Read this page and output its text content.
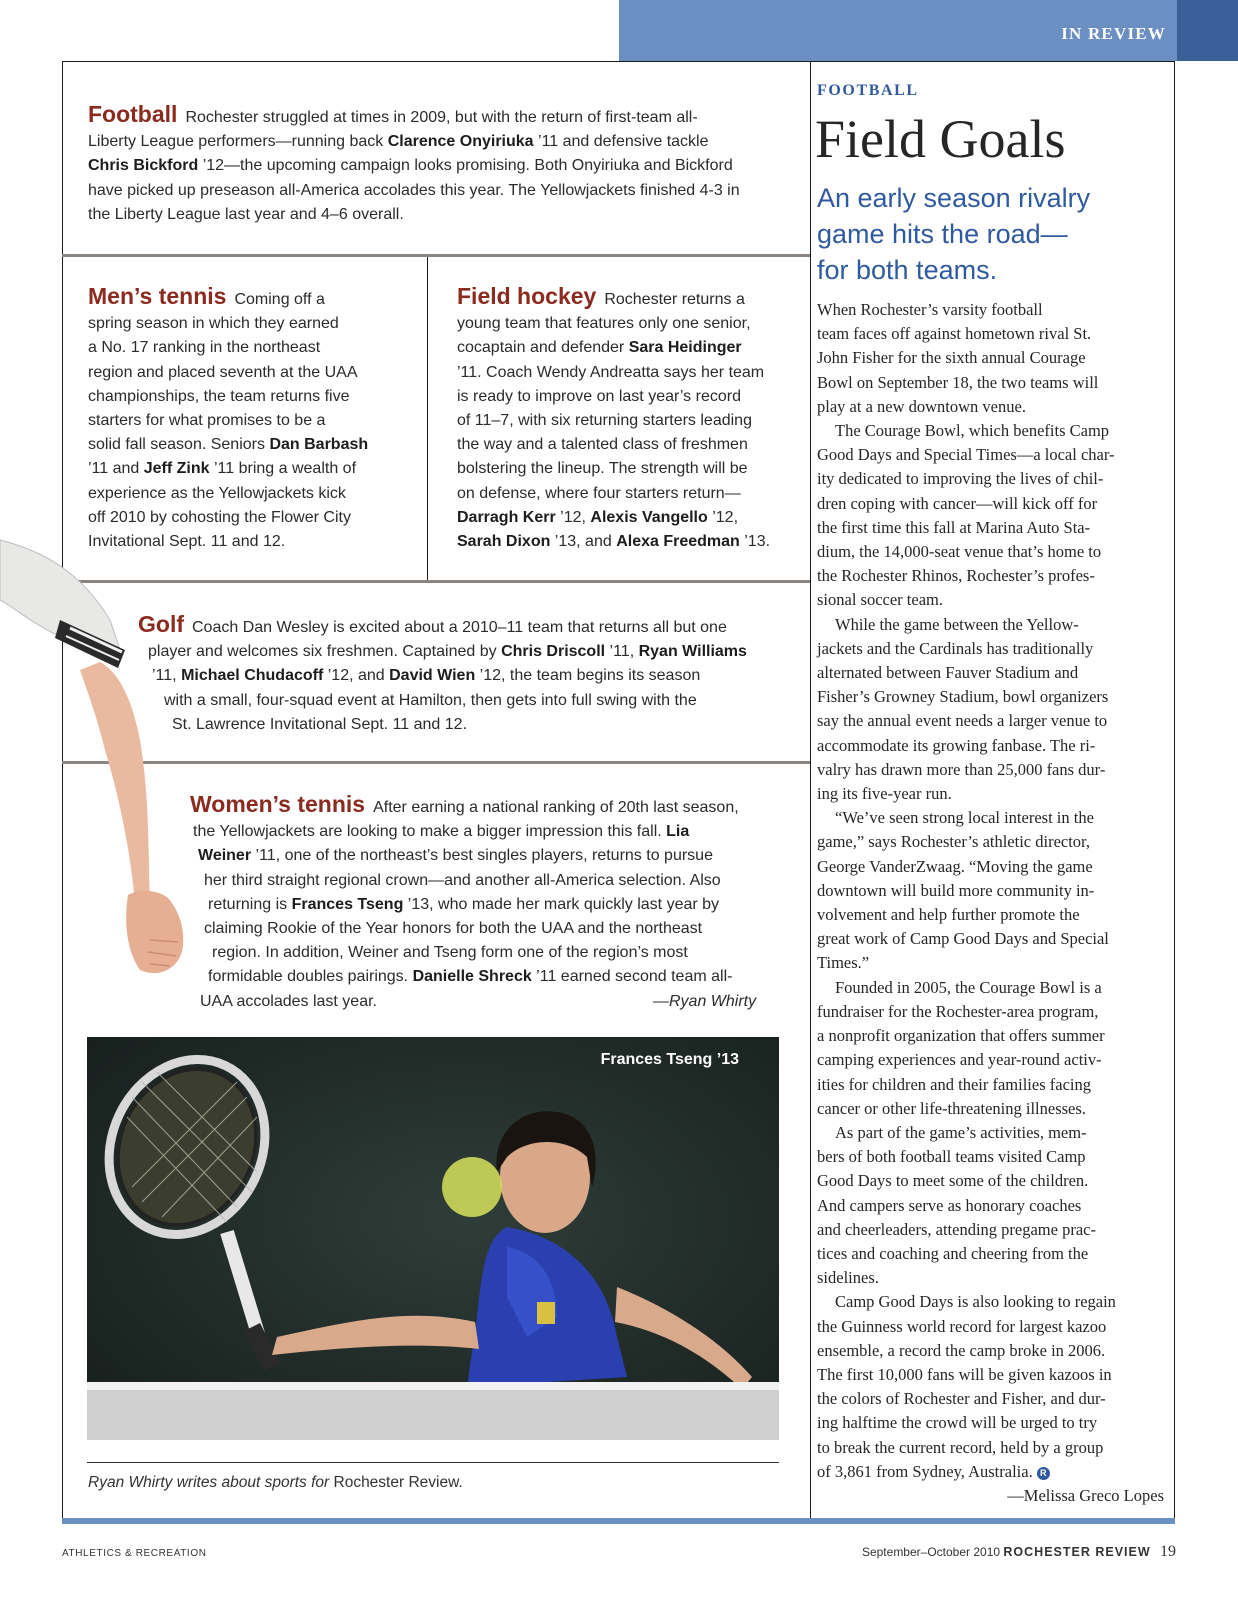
IN REVIEW
Football Rochester struggled at times in 2009, but with the return of first-team all-
Liberty League performers—running back Clarence Onyiriuka ’11 and defensive tackle
Chris Bickford ’12—the upcoming campaign looks promising. Both Onyiriuka and Bickford
have picked up preseason all-America accolades this year. The Yellowjackets finished 4-3 in
the Liberty League last year and 4–6 overall.
Men’s tennis Coming off a
spring season in which they earned
a No. 17 ranking in the northeast
region and placed seventh at the UAA
championships, the team returns five
starters for what promises to be a
solid fall season. Seniors Dan Barbash
’11 and Jeff Zink ’11 bring a wealth of
experience as the Yellowjackets kick
off 2010 by cohosting the Flower City
Invitational Sept. 11 and 12.
Field hockey Rochester returns a
young team that features only one senior,
cocaptain and defender Sara Heidinger
’11. Coach Wendy Andreatta says her team
is ready to improve on last year’s record
of 11–7, with six returning starters leading
the way and a talented class of freshmen
bolstering the lineup. The strength will be
on defense, where four starters return—
Darragh Kerr ’12, Alexis Vangello ’12,
Sarah Dixon ’13, and Alexa Freedman ’13.
Golf Coach Dan Wesley is excited about a 2010–11 team that returns all but one
player and welcomes six freshmen. Captained by Chris Driscoll ’11, Ryan Williams
’11, Michael Chudacoff ’12, and David Wien ’12, the team begins its season
with a small, four-squad event at Hamilton, then gets into full swing with the
St. Lawrence Invitational Sept. 11 and 12.
Women’s tennis After earning a national ranking of 20th last season,
the Yellowjackets are looking to make a bigger impression this fall. Lia
Weiner ’11, one of the northeast’s best singles players, returns to pursue
her third straight regional crown—and another all-America selection. Also
returning is Frances Tseng ’13, who made her mark quickly last year by
claiming Rookie of the Year honors for both the UAA and the northeast
region. In addition, Weiner and Tseng form one of the region’s most
formidable doubles pairings. Danielle Shreck ’11 earned second team all-
UAA accolades last year.	—Ryan Whirty
Frances Tseng ’13
Ryan Whirty writes about sports for Rochester Review.
FOOTBALL
Field Goals
An early season rivalry
game hits the road—
for both teams.
When Rochester’s varsity football
team faces off against hometown rival St.
John Fisher for the sixth annual Courage
Bowl on September 18, the two teams will
play at a new downtown venue.
The Courage Bowl, which benefits Camp
Good Days and Special Times—a local char-
ity dedicated to improving the lives of chil-
dren coping with cancer—will kick off for
the first time this fall at Marina Auto Sta-
dium, the 14,000-seat venue that’s home to
the Rochester Rhinos, Rochester’s profes-
sional soccer team.
While the game between the Yellow-
jackets and the Cardinals has traditionally
alternated between Fauver Stadium and
Fisher’s Growney Stadium, bowl organizers
say the annual event needs a larger venue to
accommodate its growing fanbase. The ri-
valry has drawn more than 25,000 fans dur-
ing its five-year run.
“We’ve seen strong local interest in the
game,” says Rochester’s athletic director,
George VanderZwaag. “Moving the game
downtown will build more community in-
volvement and help further promote the
great work of Camp Good Days and Special
Times.”
Founded in 2005, the Courage Bowl is a
fundraiser for the Rochester-area program,
a nonprofit organization that offers summer
camping experiences and year-round activ-
ities for children and their families facing
cancer or other life-threatening illnesses.
As part of the game’s activities, mem-
bers of both football teams visited Camp
Good Days to meet some of the children.
And campers serve as honorary coaches
and cheerleaders, attending pregame prac-
tices and coaching and cheering from the
sidelines.
Camp Good Days is also looking to regain
the Guinness world record for largest kazoo
ensemble, a record the camp broke in 2006.
The first 10,000 fans will be given kazoos in
the colors of Rochester and Fisher, and dur-
ing halftime the crowd will be urged to try
to break the current record, held by a group
of 3,861 from Sydney, Australia. R
—Melissa Greco Lopes
ATHLETICS & RECREATION	September–October 2010 ROCHESTER REVIEW 19
